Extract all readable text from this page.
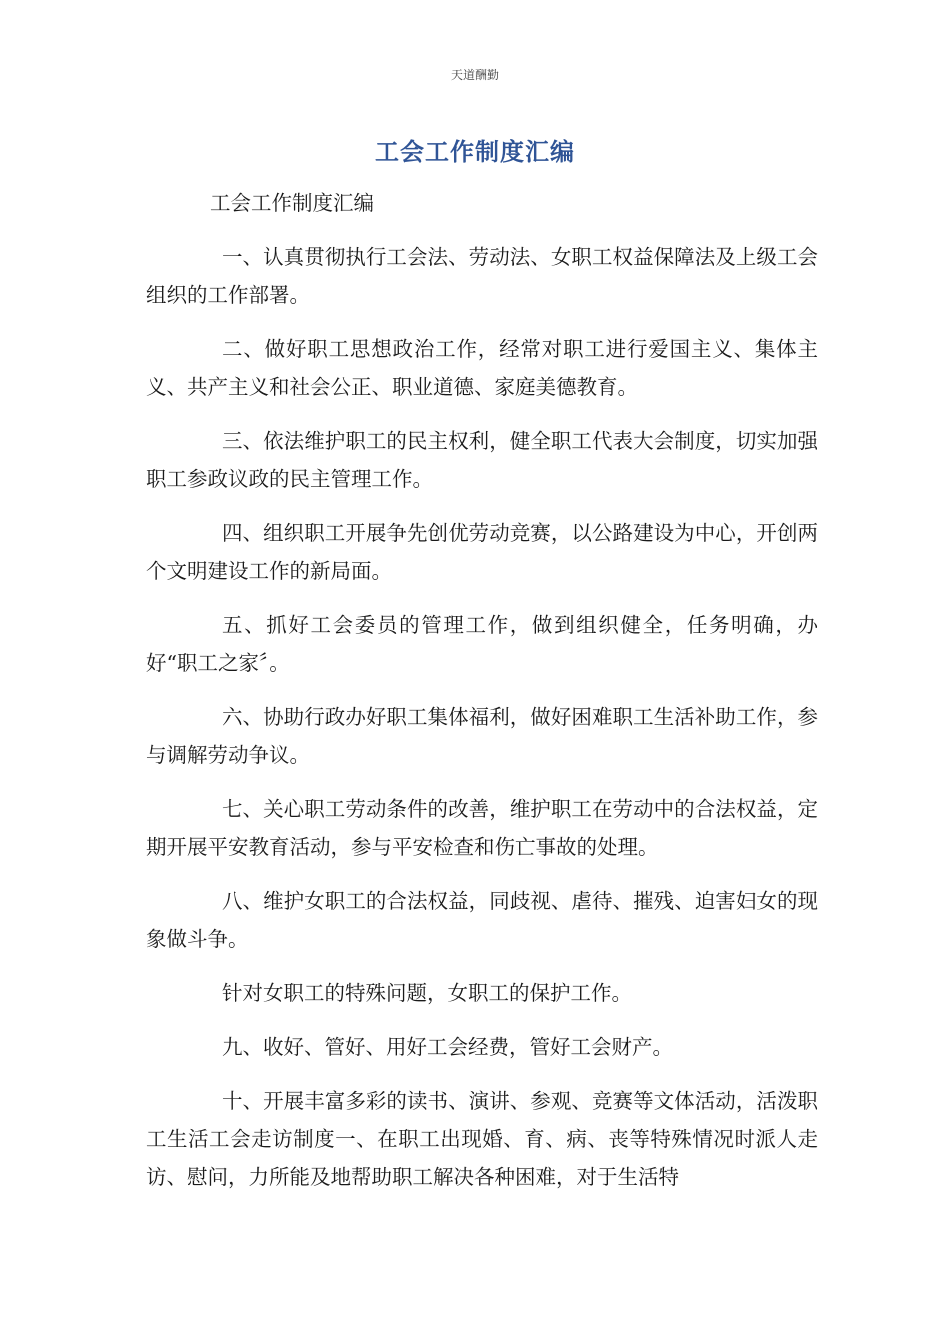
天道酬勤
工会工作制度汇编

工会工作制度汇编

一、认真贯彻执行工会法、劳动法、女职工权益保障法及上级工会组织的工作部署。

二、做好职工思想政治工作，经常对职工进行爱国主义、集体主义、共产主义和社会公正、职业道德、家庭美德教育。

三、依法维护职工的民主权利，健全职工代表大会制度，切实加强职工参政议政的民主管理工作。

四、组织职工开展争先创优劳动竞赛，以公路建设为中心，开创两个文明建设工作的新局面。

五、抓好工会委员的管理工作，做到组织健全，任务明确，办好“职工之家〞。

六、协助行政办好职工集体福利，做好困难职工生活补助工作，参与调解劳动争议。

七、关心职工劳动条件的改善，维护职工在劳动中的合法权益，定期开展平安教育活动，参与平安检查和伤亡事故的处理。

八、维护女职工的合法权益，同歧视、虐待、摧残、迫害妇女的现象做斗争。

针对女职工的特殊问题，女职工的保护工作。

九、收好、管好、用好工会经费，管好工会财产。

十、开展丰富多彩的读书、演讲、参观、竞赛等文体活动，活泼职工生活工会走访制度一、在职工出现婚、育、病、丧等特殊情况时派人走访、慰问，力所能及地帮助职工解决各种困难，对于生活特
